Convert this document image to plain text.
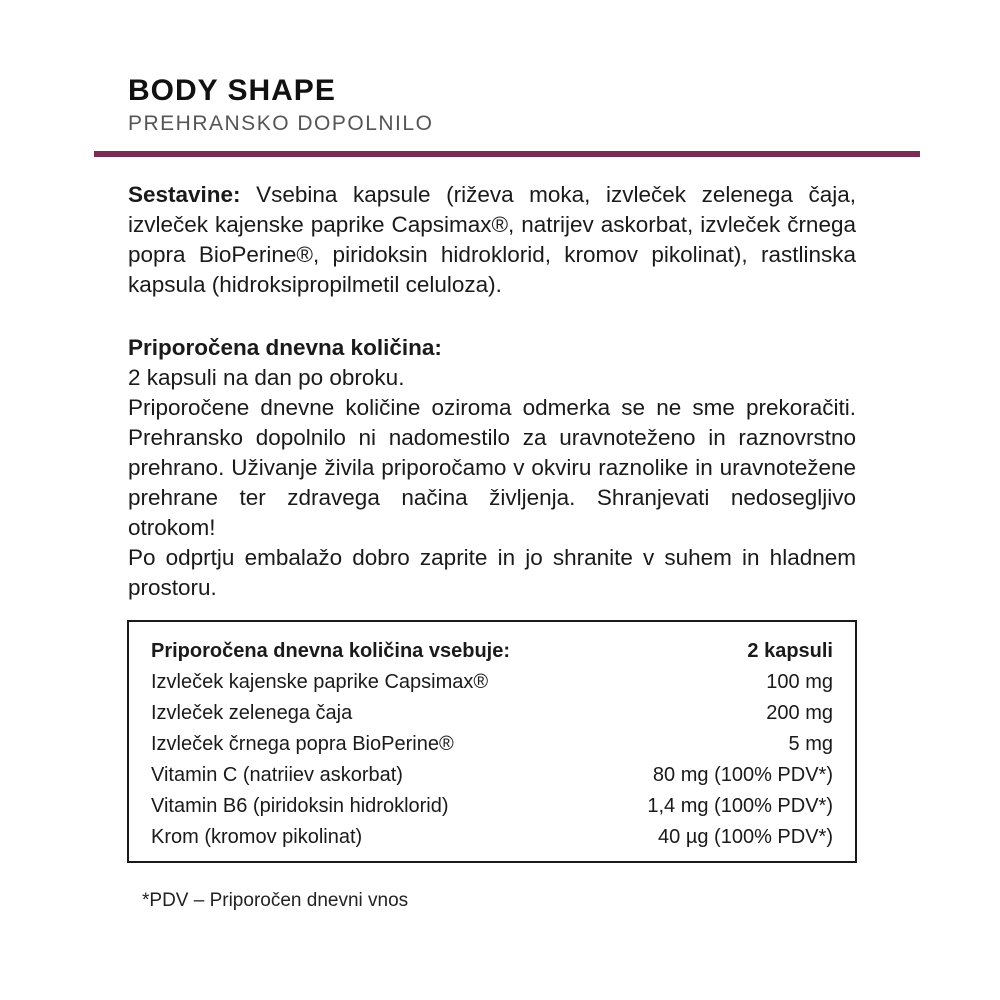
BODY SHAPE
PREHRANSKO DOPOLNILO
Sestavine: Vsebina kapsule (riževa moka, izvleček zelenega čaja, izvleček kajenske paprike Capsimax®, natrijev askorbat, izvleček črnega popra BioPerine®, piridoksin hidroklorid, kromov pikolinat), rastlinska kapsula (hidroksipropilmetil celuloza).
Priporočena dnevna količina:
2 kapsuli na dan po obroku.
Priporočene dnevne količine oziroma odmerka se ne sme prekoračiti. Prehransko dopolnilo ni nadomestilo za uravnoteženo in raznovrstno prehrano. Uživanje živila priporočamo v okviru raznolike in uravnotežene prehrane ter zdravega načina življenja. Shranjevati nedosegljivo otrokom!
Po odprtju embalažo dobro zaprite in jo shranite v suhem in hladnem prostoru.
Priporočena dnevna količina vsebuje:	2 kapsuli
Izvleček kajenske paprike Capsimax®	100 mg
Izvleček zelenega čaja	200 mg
Izvleček črnega popra BioPerine®	5 mg
Vitamin C (natriiev askorbat)	80 mg (100% PDV*)
Vitamin B6 (piridoksin hidroklorid)	1,4 mg (100% PDV*)
Krom (kromov pikolinat)	40 µg (100% PDV*)
*PDV – Priporočen dnevni vnos
